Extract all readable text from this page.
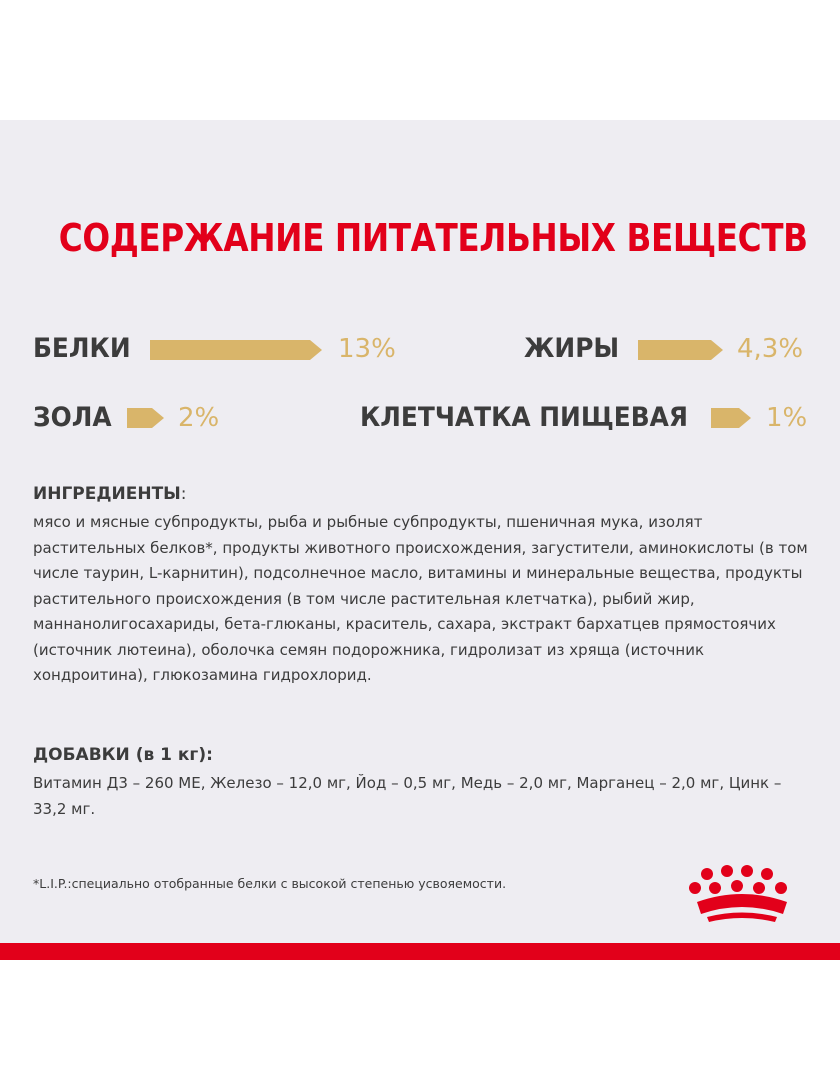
СОДЕРЖАНИЕ ПИТАТЕЛЬНЫХ ВЕЩЕСТВ
БЕЛКИ	13%	ЖИРЫ	4,3%
ЗОЛА	2%	КЛЕТЧАТКА ПИЩЕВАЯ	1%
ИНГРЕДИЕНТЫ:
мясо и мясные субпродукты, рыба и рыбные субпродукты, пшеничная мука, изолят растительных белков*, продукты животного происхождения, загустители, аминокислоты (в том числе таурин, L-карнитин), подсолнечное масло, витамины и минеральные вещества, продукты растительного происхождения (в том числе растительная клетчатка), рыбий жир, маннанолигосахариды, бета-глюканы, краситель, сахара, экстракт бархатцев прямостоячих (источник лютеина), оболочка семян подорожника, гидролизат из хряща (источник хондроитина), глюкозамина гидрохлорид.
ДОБАВКИ (в 1 кг):
Витамин Д3 – 260 МЕ, Железо – 12,0 мг, Йод – 0,5 мг, Медь – 2,0 мг, Марганец – 2,0 мг, Цинк – 33,2 мг.
*L.I.P.:специально отобранные белки с высокой степенью усвояемости.
